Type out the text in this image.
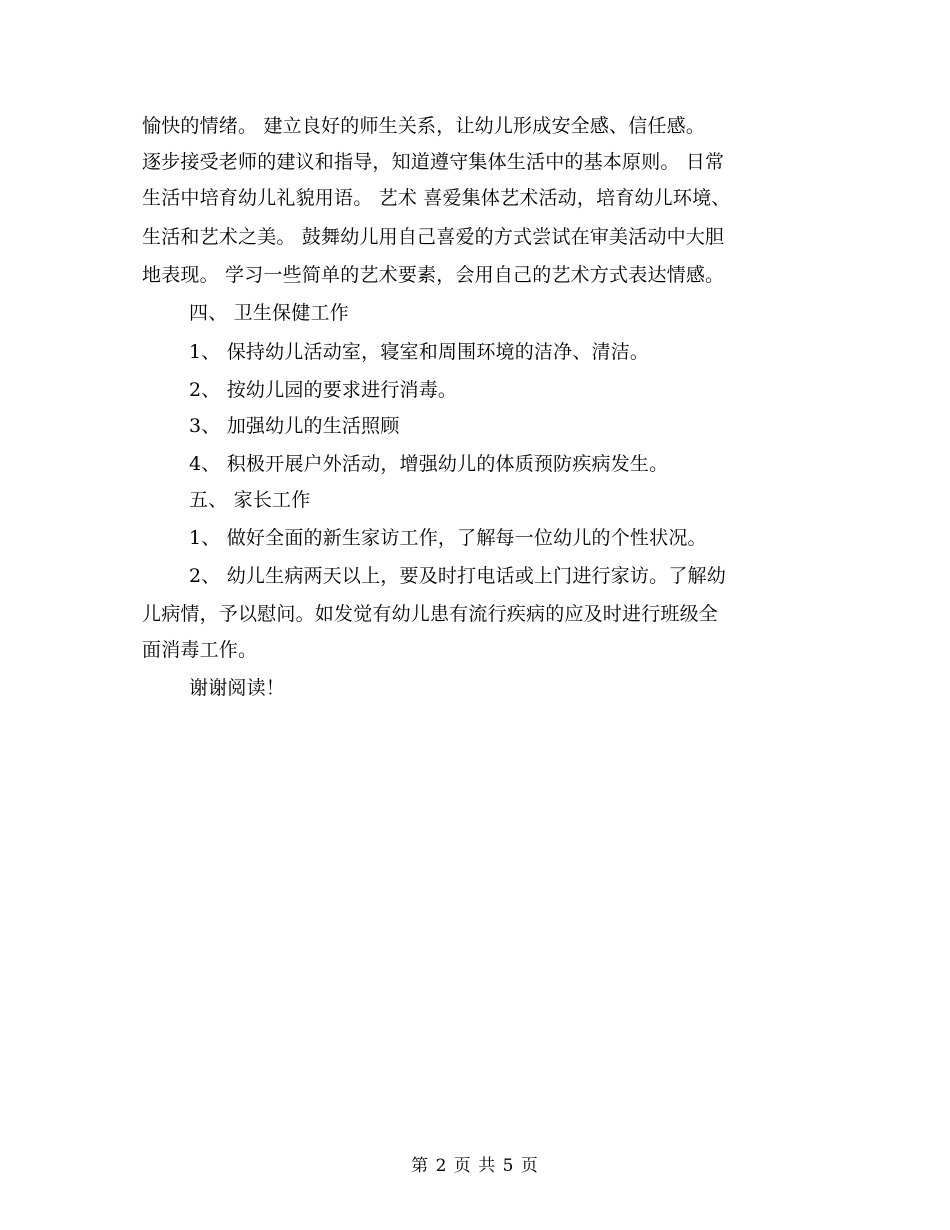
愉快的情绪。 建立良好的师生关系，让幼儿形成安全感、信任感。
逐步接受老师的建议和指导，知道遵守集体生活中的基本原则。 日常
生活中培育幼儿礼貌用语。 艺术 喜爱集体艺术活动，培育幼儿环境、
生活和艺术之美。 鼓舞幼儿用自己喜爱的方式尝试在审美活动中大胆
地表现。 学习一些简单的艺术要素，会用自己的艺术方式表达情感。
四、 卫生保健工作
1、 保持幼儿活动室，寝室和周围环境的洁净、清洁。
2、 按幼儿园的要求进行消毒。
3、 加强幼儿的生活照顾
4、 积极开展户外活动，增强幼儿的体质预防疾病发生。
五、 家长工作
1、 做好全面的新生家访工作，了解每一位幼儿的个性状况。
2、 幼儿生病两天以上，要及时打电话或上门进行家访。了解幼
儿病情，予以慰问。如发觉有幼儿患有流行疾病的应及时进行班级全
面消毒工作。
谢谢阅读！
第 2 页 共 5 页
